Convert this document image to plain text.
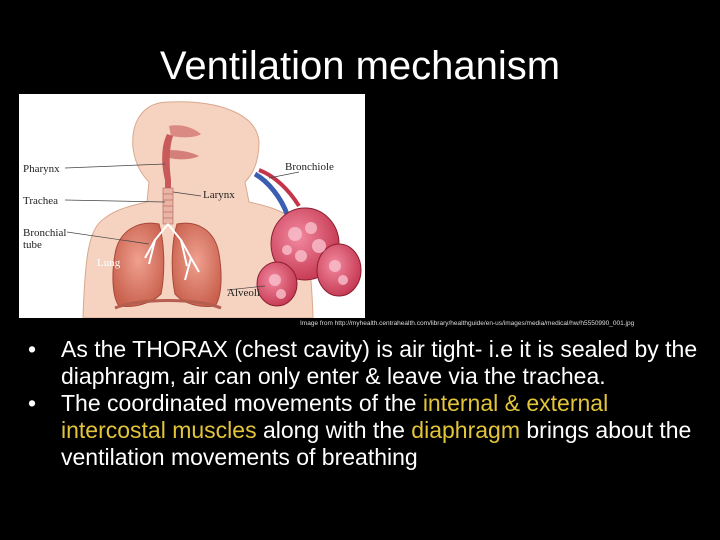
Ventilation mechanism
Pharynx
Trachea
Bronchial tube
Larynx
Bronchiole
Lung
Alveoli
Image from http://myhealth.centrahealth.com/library/healthguide/en-us/images/media/medical/hw/h5550990_001.jpg
• As the THORAX (chest cavity) is air tight- i.e it is sealed by the diaphragm, air can only enter & leave via the trachea.
• The coordinated movements of the internal & external intercostal muscles along with the diaphragm brings about the ventilation movements of breathing
